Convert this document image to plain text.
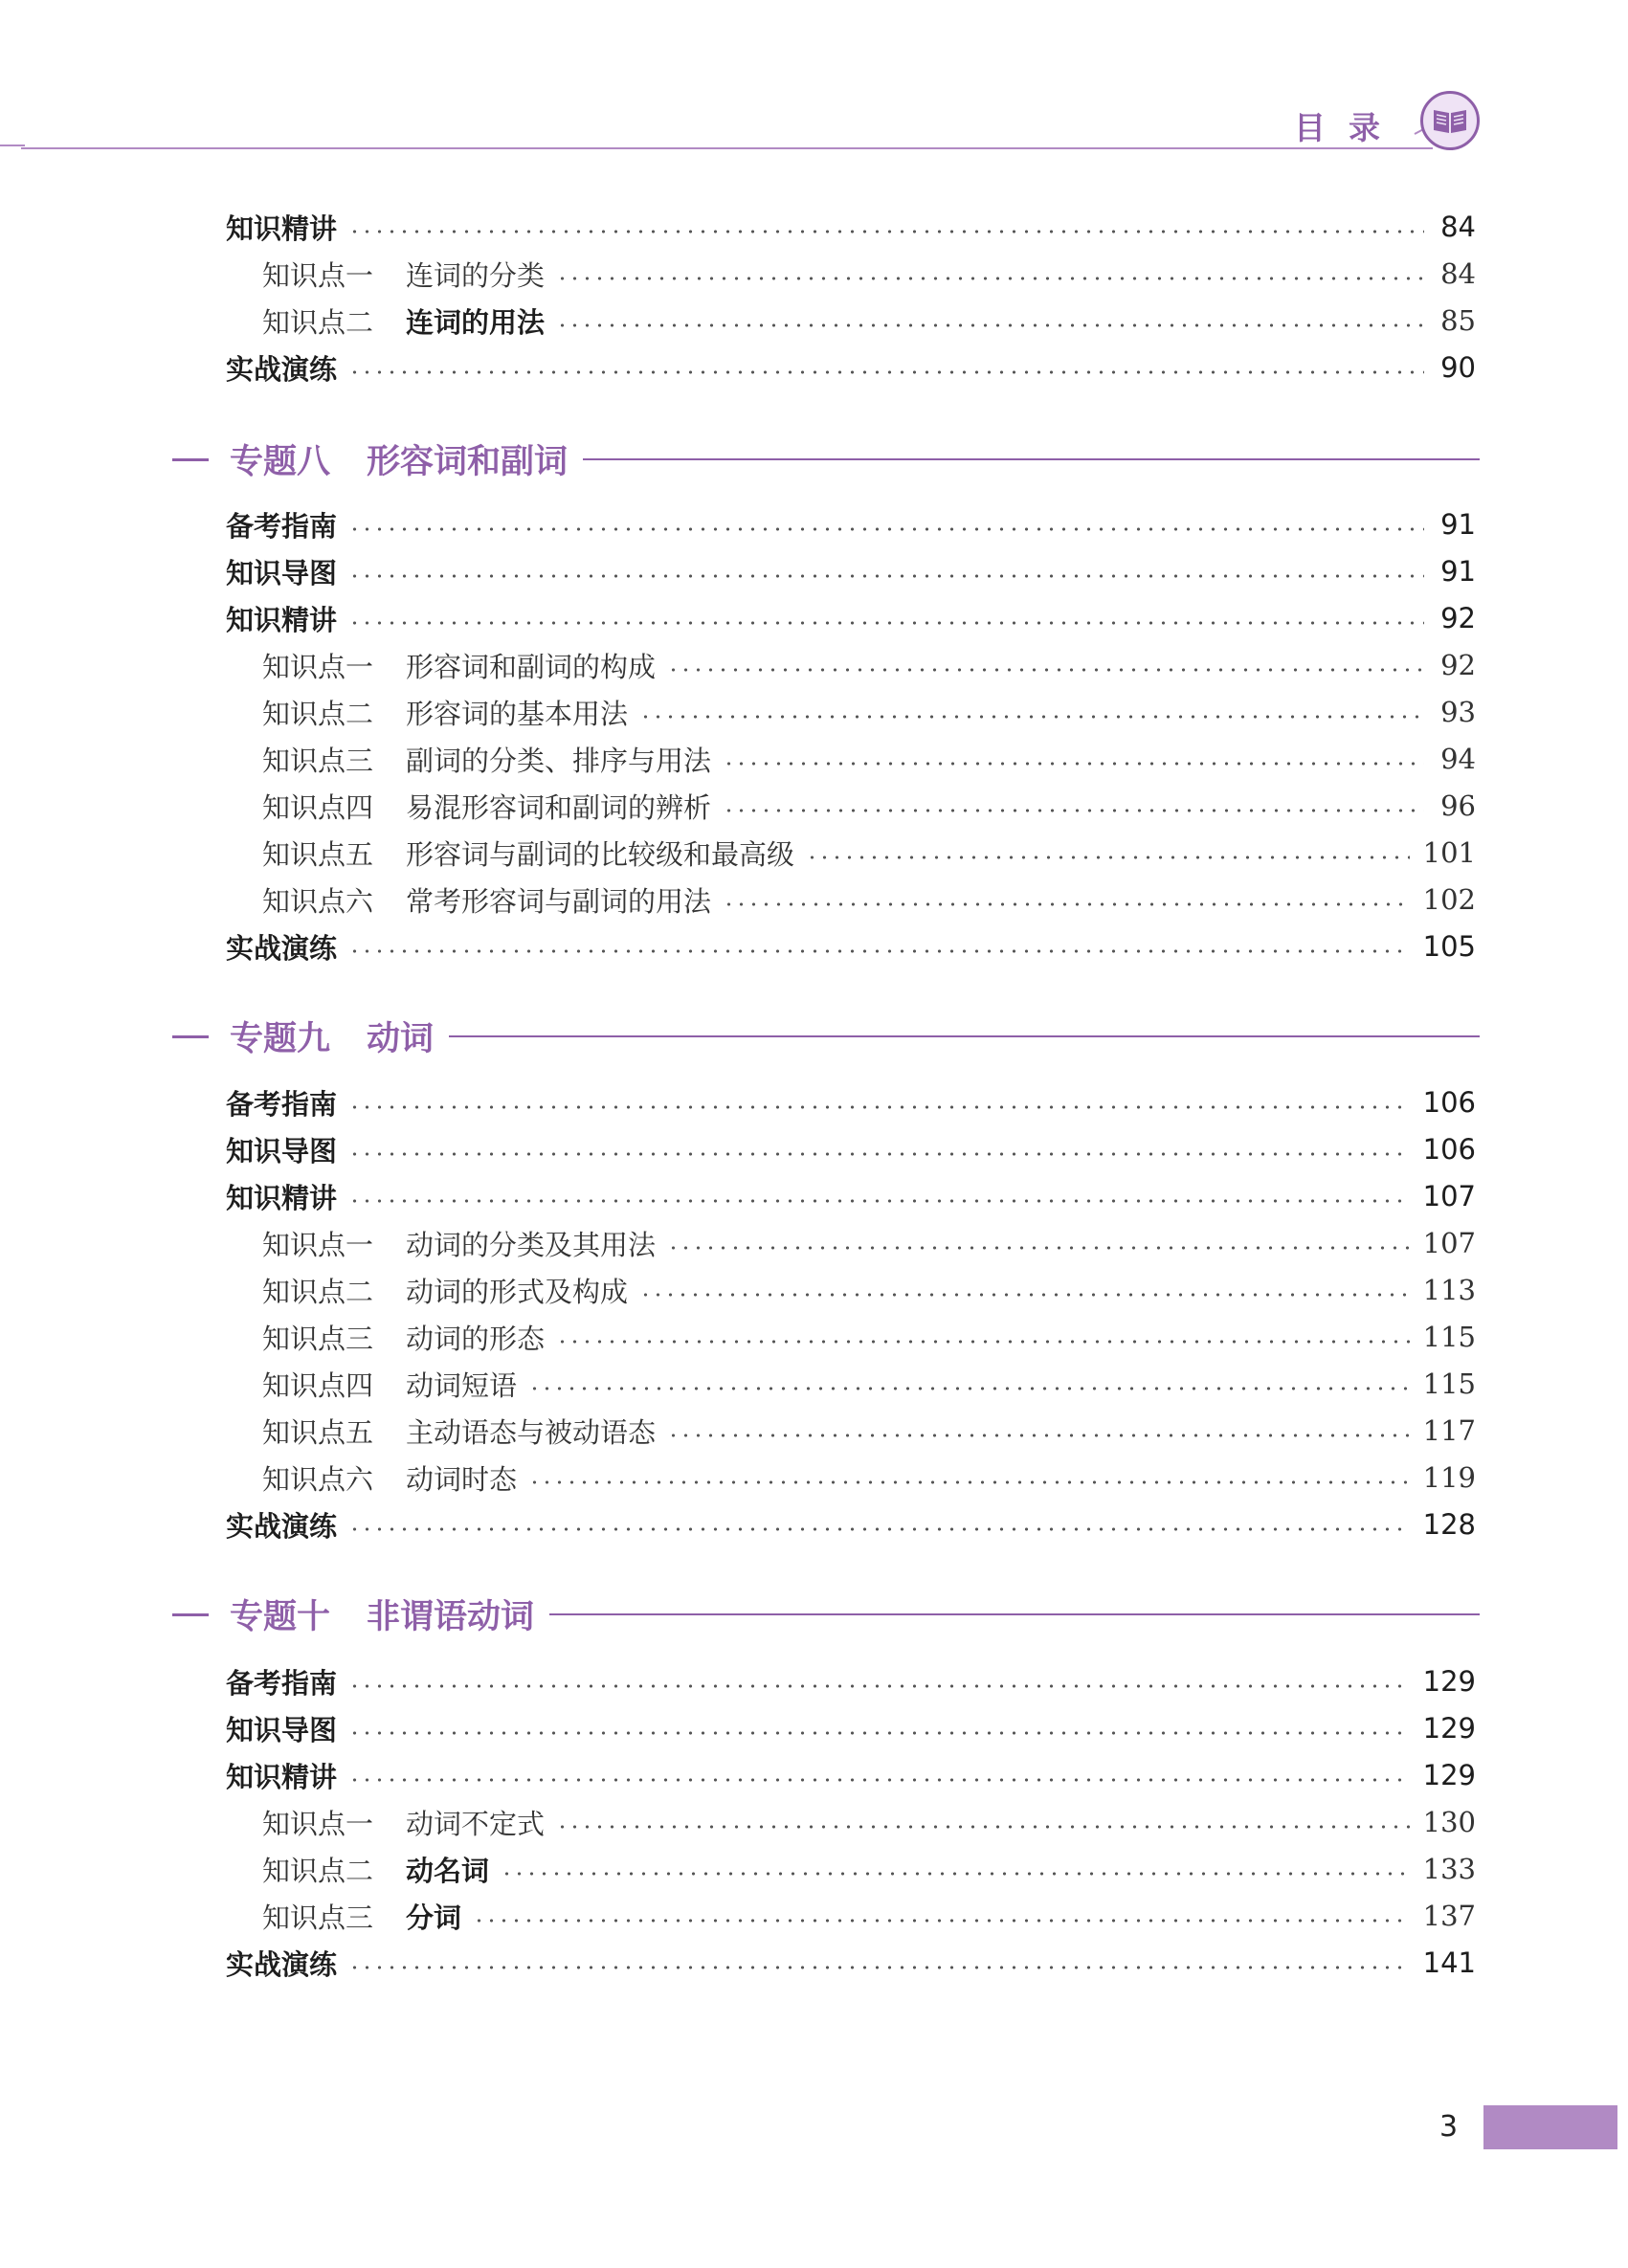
目录
知识精讲	84
知识点一 连词的分类	84
知识点二 连词的用法	85
实战演练	90
专题八 形容词和副词
备考指南	91
知识导图	91
知识精讲	92
知识点一 形容词和副词的构成	92
知识点二 形容词的基本用法	93
知识点三 副词的分类、排序与用法	94
知识点四 易混形容词和副词的辨析	96
知识点五 形容词与副词的比较级和最高级	101
知识点六 常考形容词与副词的用法	102
实战演练	105
专题九 动词
备考指南	106
知识导图	106
知识精讲	107
知识点一 动词的分类及其用法	107
知识点二 动词的形式及构成	113
知识点三 动词的形态	115
知识点四 动词短语	115
知识点五 主动语态与被动语态	117
知识点六 动词时态	119
实战演练	128
专题十 非谓语动词
备考指南	129
知识导图	129
知识精讲	129
知识点一 动词不定式	130
知识点二 动名词	133
知识点三 分词	137
实战演练	141
3
